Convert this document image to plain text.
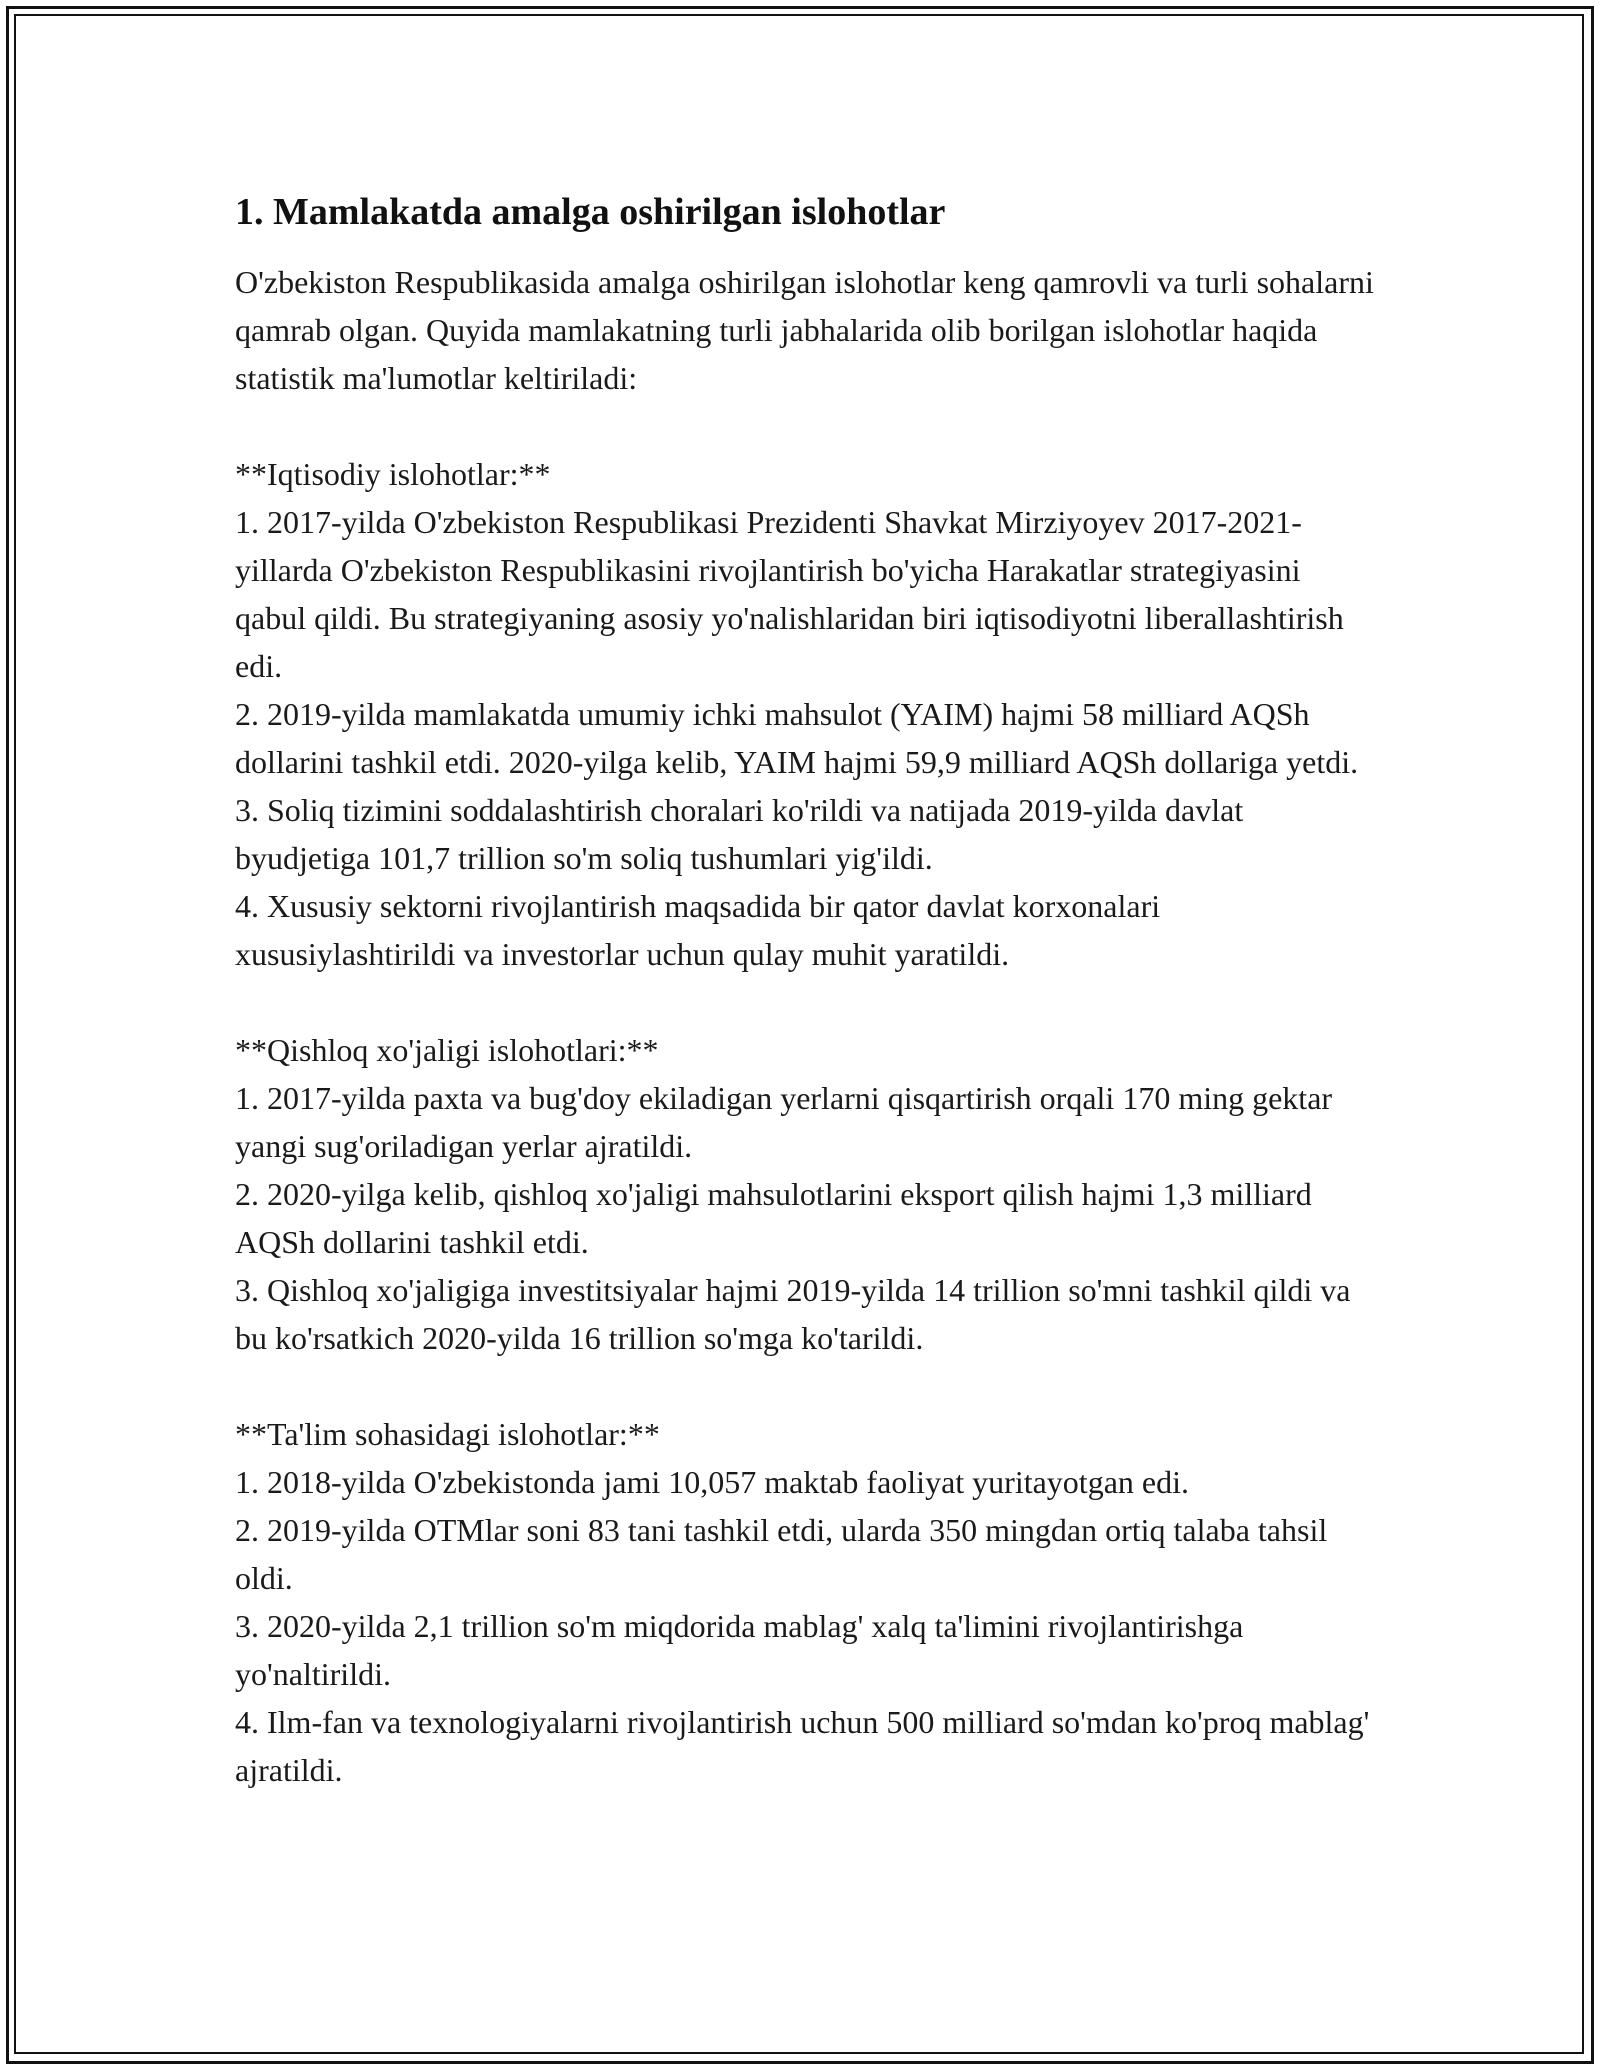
1. Mamlakatda amalga oshirilgan islohotlar

O'zbekiston Respublikasida amalga oshirilgan islohotlar keng qamrovli va turli sohalarni qamrab olgan. Quyida mamlakatning turli jabhalarida olib borilgan islohotlar haqida statistik ma'lumotlar keltiriladi:

**Iqtisodiy islohotlar:**

1. 2017-yilda O'zbekiston Respublikasi Prezidenti Shavkat Mirziyoyev 2017-2021-yillarda O'zbekiston Respublikasini rivojlantirish bo'yicha Harakatlar strategiyasini qabul qildi. Bu strategiyaning asosiy yo'nalishlaridan biri iqtisodiyotni liberallashtirish edi.

2. 2019-yilda mamlakatda umumiy ichki mahsulot (YAIM) hajmi 58 milliard AQSh dollarini tashkil etdi. 2020-yilga kelib, YAIM hajmi 59,9 milliard AQSh dollariga yetdi.

3. Soliq tizimini soddalashtirish choralari ko'rildi va natijada 2019-yilda davlat byudjetiga 101,7 trillion so'm soliq tushumlari yig'ildi.

4. Xususiy sektorni rivojlantirish maqsadida bir qator davlat korxonalari xususiylashtirildi va investorlar uchun qulay muhit yaratildi.

**Qishloq xo'jaligi islohotlari:**

1. 2017-yilda paxta va bug'doy ekiladigan yerlarni qisqartirish orqali 170 ming gektar yangi sug'oriladigan yerlar ajratildi.

2. 2020-yilga kelib, qishloq xo'jaligi mahsulotlarini eksport qilish hajmi 1,3 milliard AQSh dollarini tashkil etdi.

3. Qishloq xo'jaligiga investitsiyalar hajmi 2019-yilda 14 trillion so'mni tashkil qildi va bu ko'rsatkich 2020-yilda 16 trillion so'mga ko'tarildi.

**Ta'lim sohasidagi islohotlar:**

1. 2018-yilda O'zbekistonda jami 10,057 maktab faoliyat yuritayotgan edi.

2. 2019-yilda OTMlar soni 83 tani tashkil etdi, ularda 350 mingdan ortiq talaba tahsil oldi.

3. 2020-yilda 2,1 trillion so'm miqdorida mablag' xalq ta'limini rivojlantirishga yo'naltirildi.

4. Ilm-fan va texnologiyalarni rivojlantirish uchun 500 milliard so'mdan ko'proq mablag' ajratildi.
